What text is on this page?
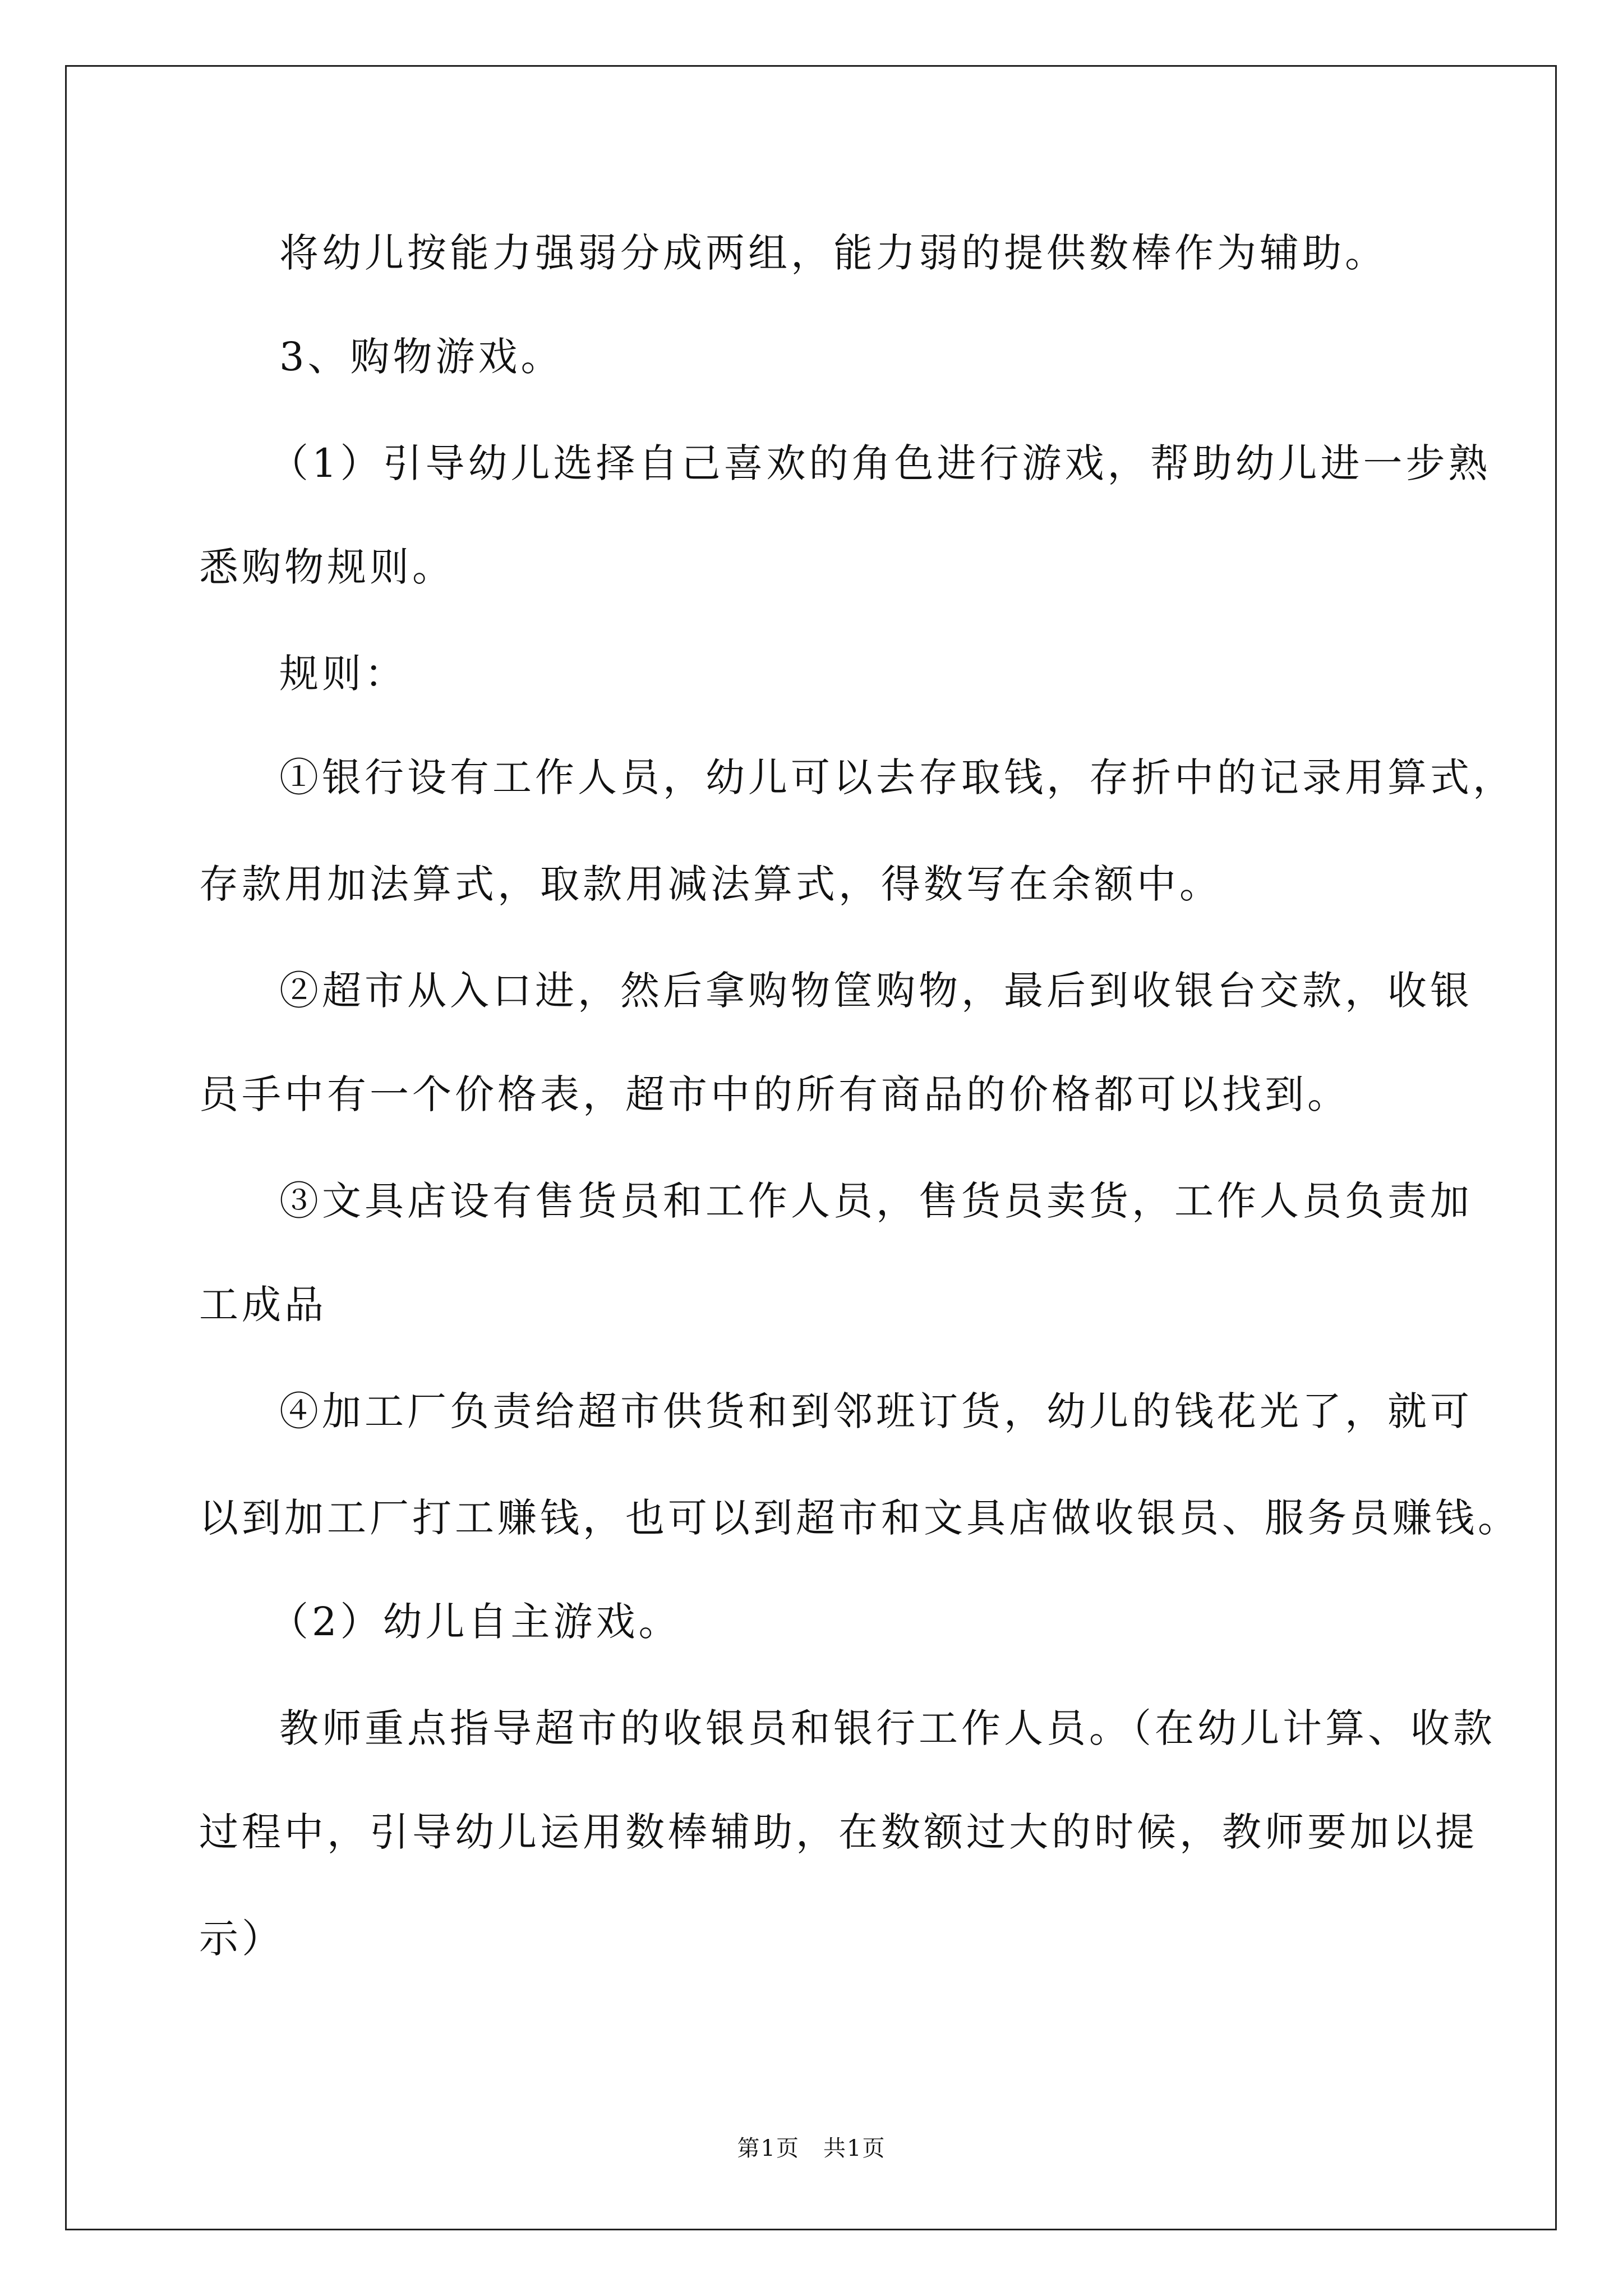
将幼儿按能力强弱分成两组，能力弱的提供数棒作为辅助。
3、购物游戏。
（1）引导幼儿选择自己喜欢的角色进行游戏，帮助幼儿进一步熟
悉购物规则。
规则：
①银行设有工作人员，幼儿可以去存取钱，存折中的记录用算式，
存款用加法算式，取款用减法算式，得数写在余额中。
②超市从入口进，然后拿购物筐购物，最后到收银台交款，收银
员手中有一个价格表，超市中的所有商品的价格都可以找到。
③文具店设有售货员和工作人员，售货员卖货，工作人员负责加
工成品
④加工厂负责给超市供货和到邻班订货，幼儿的钱花光了，就可
以到加工厂打工赚钱，也可以到超市和文具店做收银员、服务员赚钱。
（2）幼儿自主游戏。
教师重点指导超市的收银员和银行工作人员。（在幼儿计算、收款
过程中，引导幼儿运用数棒辅助，在数额过大的时候，教师要加以提
示）
第1页　共1页
